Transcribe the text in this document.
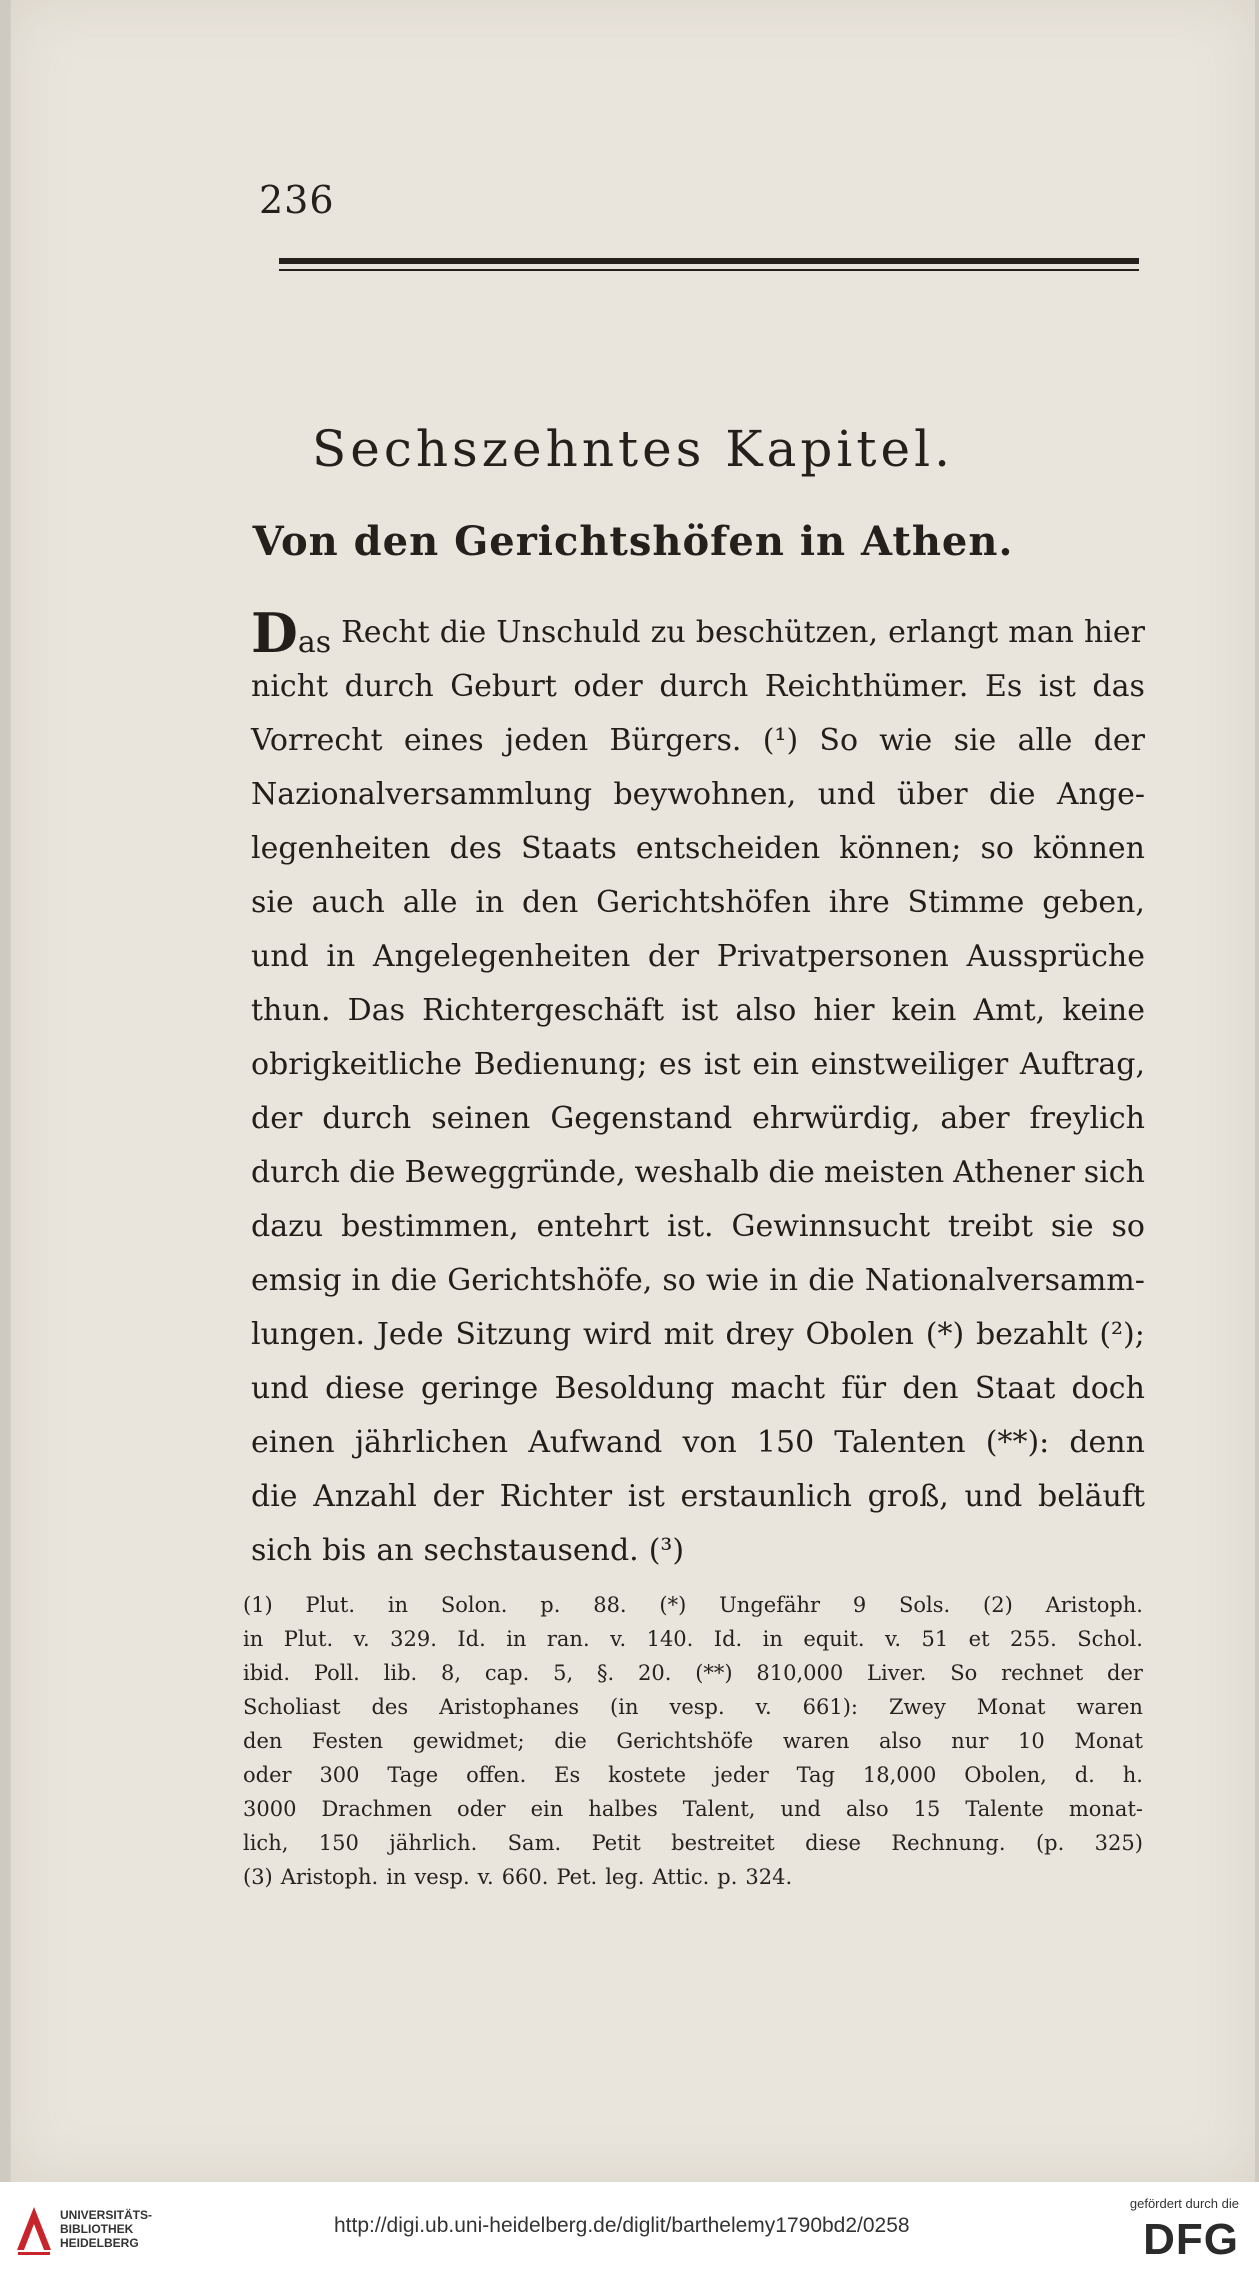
236
Sechszehntes Kapitel.
Von den Gerichtshöfen in Athen.
Das Recht die Unschuld zu beschützen, erlangt man hier
nicht durch Geburt oder durch Reichthümer. Es ist das
Vorrecht eines jeden Bürgers. (¹) So wie sie alle der
Nazionalversammlung beywohnen, und über die Ange-
legenheiten des Staats entscheiden können; so können
sie auch alle in den Gerichtshöfen ihre Stimme geben,
und in Angelegenheiten der Privatpersonen Aussprüche
thun. Das Richtergeschäft ist also hier kein Amt, keine
obrigkeitliche Bedienung; es ist ein einstweiliger Auftrag,
der durch seinen Gegenstand ehrwürdig, aber freylich
durch die Beweggründe, weshalb die meisten Athener sich
dazu bestimmen, entehrt ist. Gewinnsucht treibt sie so
emsig in die Gerichtshöfe, so wie in die Nationalversamm-
lungen. Jede Sitzung wird mit drey Obolen (*) bezahlt (²);
und diese geringe Besoldung macht für den Staat doch
einen jährlichen Aufwand von 150 Talenten (**): denn
die Anzahl der Richter ist erstaunlich groß, und beläuft
sich bis an sechstausend. (³)
(1) Plut. in Solon. p. 88. (*) Ungefähr 9 Sols. (2) Aristoph.
in Plut. v. 329. Id. in ran. v. 140. Id. in equit. v. 51 et 255. Schol.
ibid. Poll. lib. 8, cap. 5, §. 20. (**) 810,000 Liver. So rechnet der
Scholiast des Aristophanes (in vesp. v. 661): Zwey Monat waren
den Festen gewidmet; die Gerichtshöfe waren also nur 10 Monat
oder 300 Tage offen. Es kostete jeder Tag 18,000 Obolen, d. h.
3000 Drachmen oder ein halbes Talent, und also 15 Talente monat-
lich, 150 jährlich. Sam. Petit bestreitet diese Rechnung. (p. 325)
(3) Aristoph. in vesp. v. 660. Pet. leg. Attic. p. 324.
UNIVERSITÄTS-
BIBLIOTHEK
HEIDELBERG
http://digi.ub.uni-heidelberg.de/diglit/barthelemy1790bd2/0258
gefördert durch die
DFG
